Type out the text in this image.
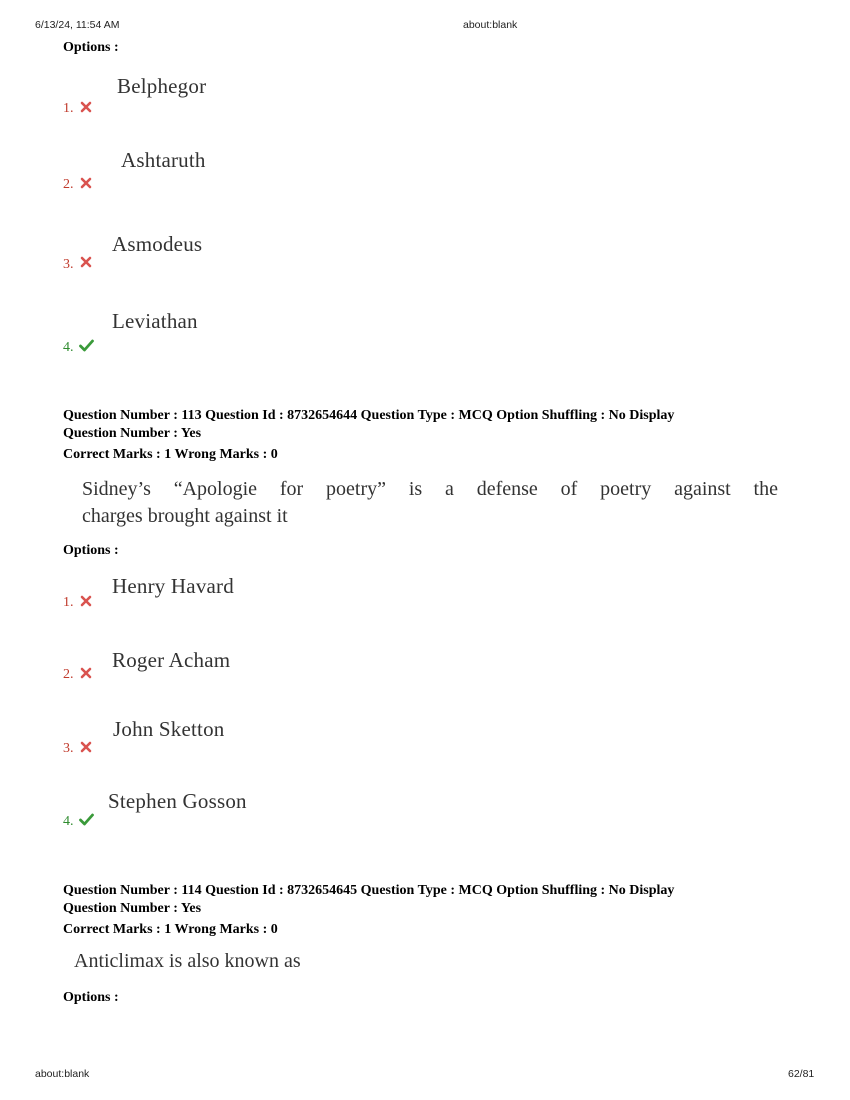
6/13/24, 11:54 AM	about:blank
Options :
Belphegor
1.
Ashtaruth
2.
Asmodeus
3.
Leviathan
4.
Question Number : 113 Question Id : 8732654644 Question Type : MCQ Option Shuffling : No Display
Question Number : Yes
Correct Marks : 1 Wrong Marks : 0
Sidney’s “Apologie for poetry” is a defense of poetry against the
charges brought against it
Options :
Henry Havard
1.
Roger Acham
2.
John Sketton
3.
Stephen Gosson
4.
Question Number : 114 Question Id : 8732654645 Question Type : MCQ Option Shuffling : No Display
Question Number : Yes
Correct Marks : 1 Wrong Marks : 0
Anticlimax is also known as
Options :
about:blank	62/81
